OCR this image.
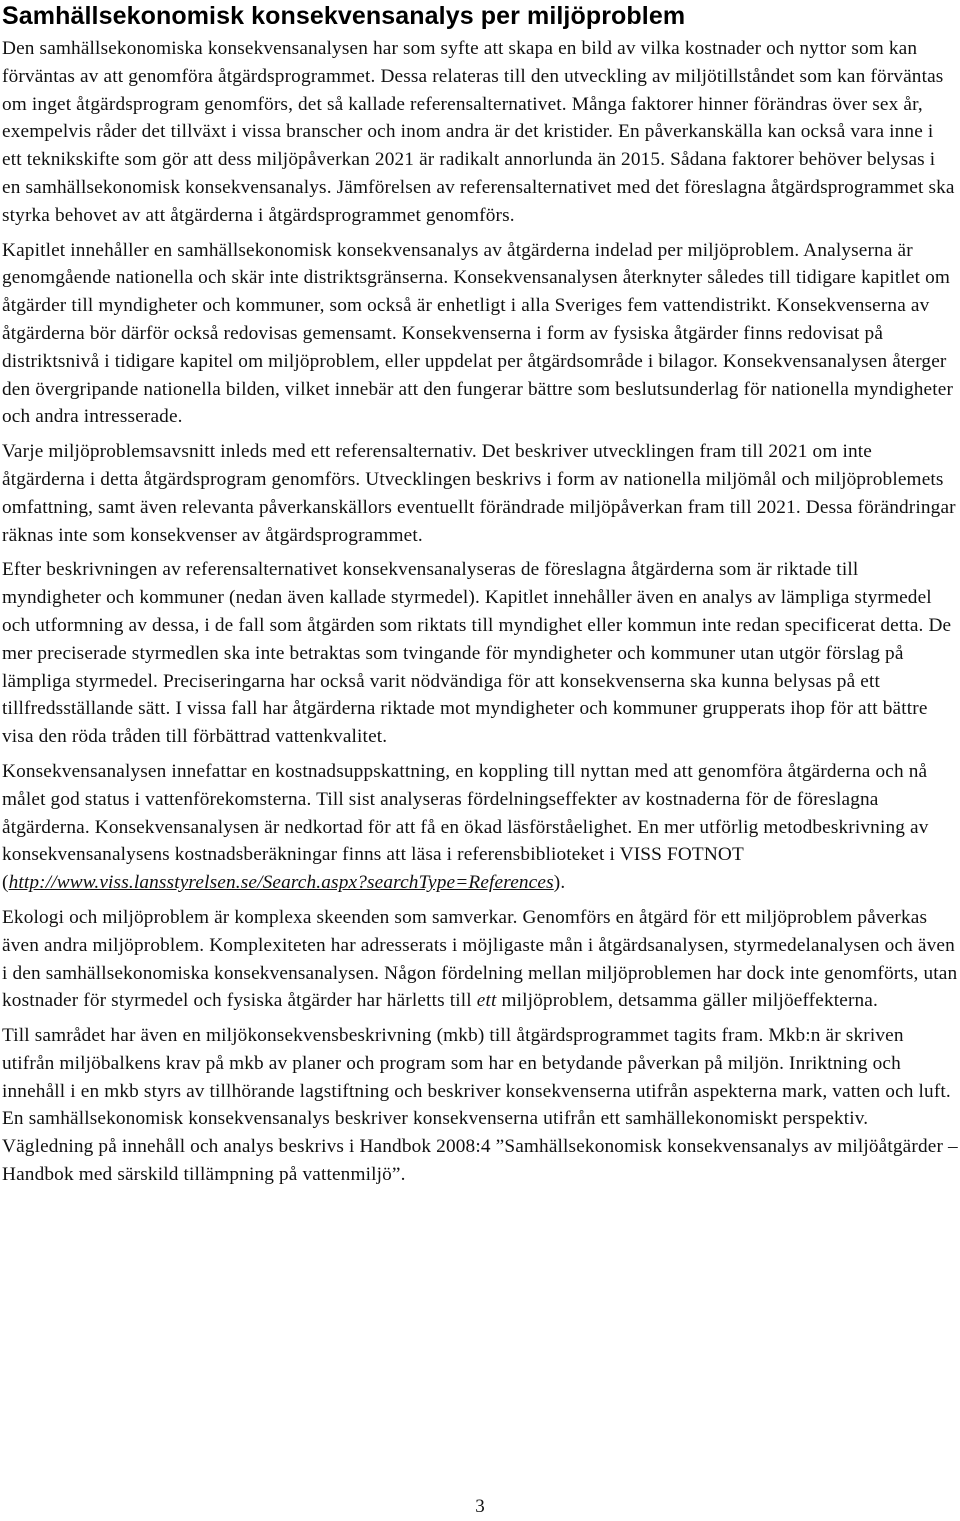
Samhällsekonomisk konsekvensanalys per miljöproblem

Den samhällsekonomiska konsekvensanalysen har som syfte att skapa en bild av vilka kostnader och nyttor som kan förväntas av att genomföra åtgärdsprogrammet. Dessa relateras till den utveckling av miljötillståndet som kan förväntas om inget åtgärdsprogram genomförs, det så kallade referensalternativet. Många faktorer hinner förändras över sex år, exempelvis råder det tillväxt i vissa branscher och inom andra är det kristider. En påverkanskälla kan också vara inne i ett teknikskifte som gör att dess miljöpåverkan 2021 är radikalt annorlunda än 2015. Sådana faktorer behöver belysas i en samhällsekonomisk konsekvensanalys. Jämförelsen av referensalternativet med det föreslagna åtgärdsprogrammet ska styrka behovet av att åtgärderna i åtgärdsprogrammet genomförs.

Kapitlet innehåller en samhällsekonomisk konsekvensanalys av åtgärderna indelad per miljöproblem. Analyserna är genomgående nationella och skär inte distriktsgränserna. Konsekvensanalysen återknyter således till tidigare kapitlet om åtgärder till myndigheter och kommuner, som också är enhetligt i alla Sveriges fem vattendistrikt. Konsekvenserna av åtgärderna bör därför också redovisas gemensamt. Konsekvenserna i form av fysiska åtgärder finns redovisat på distriktsnivå i tidigare kapitel om miljöproblem, eller uppdelat per åtgärdsområde i bilagor. Konsekvensanalysen återger den övergripande nationella bilden, vilket innebär att den fungerar bättre som beslutsunderlag för nationella myndigheter och andra intresserade.

Varje miljöproblemsavsnitt inleds med ett referensalternativ. Det beskriver utvecklingen fram till 2021 om inte åtgärderna i detta åtgärdsprogram genomförs. Utvecklingen beskrivs i form av nationella miljömål och miljöproblemets omfattning, samt även relevanta påverkanskällors eventuellt förändrade miljöpåverkan fram till 2021. Dessa förändringar räknas inte som konsekvenser av åtgärdsprogrammet.

Efter beskrivningen av referensalternativet konsekvensanalyseras de föreslagna åtgärderna som är riktade till myndigheter och kommuner (nedan även kallade styrmedel). Kapitlet innehåller även en analys av lämpliga styrmedel och utformning av dessa, i de fall som åtgärden som riktats till myndighet eller kommun inte redan specificerat detta. De mer preciserade styrmedlen ska inte betraktas som tvingande för myndigheter och kommuner utan utgör förslag på lämpliga styrmedel. Preciseringarna har också varit nödvändiga för att konsekvenserna ska kunna belysas på ett tillfredsställande sätt. I vissa fall har åtgärderna riktade mot myndigheter och kommuner grupperats ihop för att bättre visa den röda tråden till förbättrad vattenkvalitet.

Konsekvensanalysen innefattar en kostnadsuppskattning, en koppling till nyttan med att genomföra åtgärderna och nå målet god status i vattenförekomsterna. Till sist analyseras fördelningseffekter av kostnaderna för de föreslagna åtgärderna. Konsekvensanalysen är nedkortad för att få en ökad läsförståelighet. En mer utförlig metodbeskrivning av konsekvensanalysens kostnadsberäkningar finns att läsa i referensbiblioteket i VISS FOTNOT (http://www.viss.lansstyrelsen.se/Search.aspx?searchType=References).

Ekologi och miljöproblem är komplexa skeenden som samverkar. Genomförs en åtgärd för ett miljöproblem påverkas även andra miljöproblem. Komplexiteten har adresserats i möjligaste mån i åtgärdsanalysen, styrmedelanalysen och även i den samhällsekonomiska konsekvensanalysen. Någon fördelning mellan miljöproblemen har dock inte genomförts, utan kostnader för styrmedel och fysiska åtgärder har härletts till ett miljöproblem, detsamma gäller miljöeffekterna.

Till samrådet har även en miljökonsekvensbeskrivning (mkb) till åtgärdsprogrammet tagits fram. Mkb:n är skriven utifrån miljöbalkens krav på mkb av planer och program som har en betydande påverkan på miljön. Inriktning och innehåll i en mkb styrs av tillhörande lagstiftning och beskriver konsekvenserna utifrån aspekterna mark, vatten och luft. En samhällsekonomisk konsekvensanalys beskriver konsekvenserna utifrån ett samhällekonomiskt perspektiv. Vägledning på innehåll och analys beskrivs i Handbok 2008:4 ”Samhällsekonomisk konsekvensanalys av miljöåtgärder – Handbok med särskild tillämpning på vattenmiljö”.

3
